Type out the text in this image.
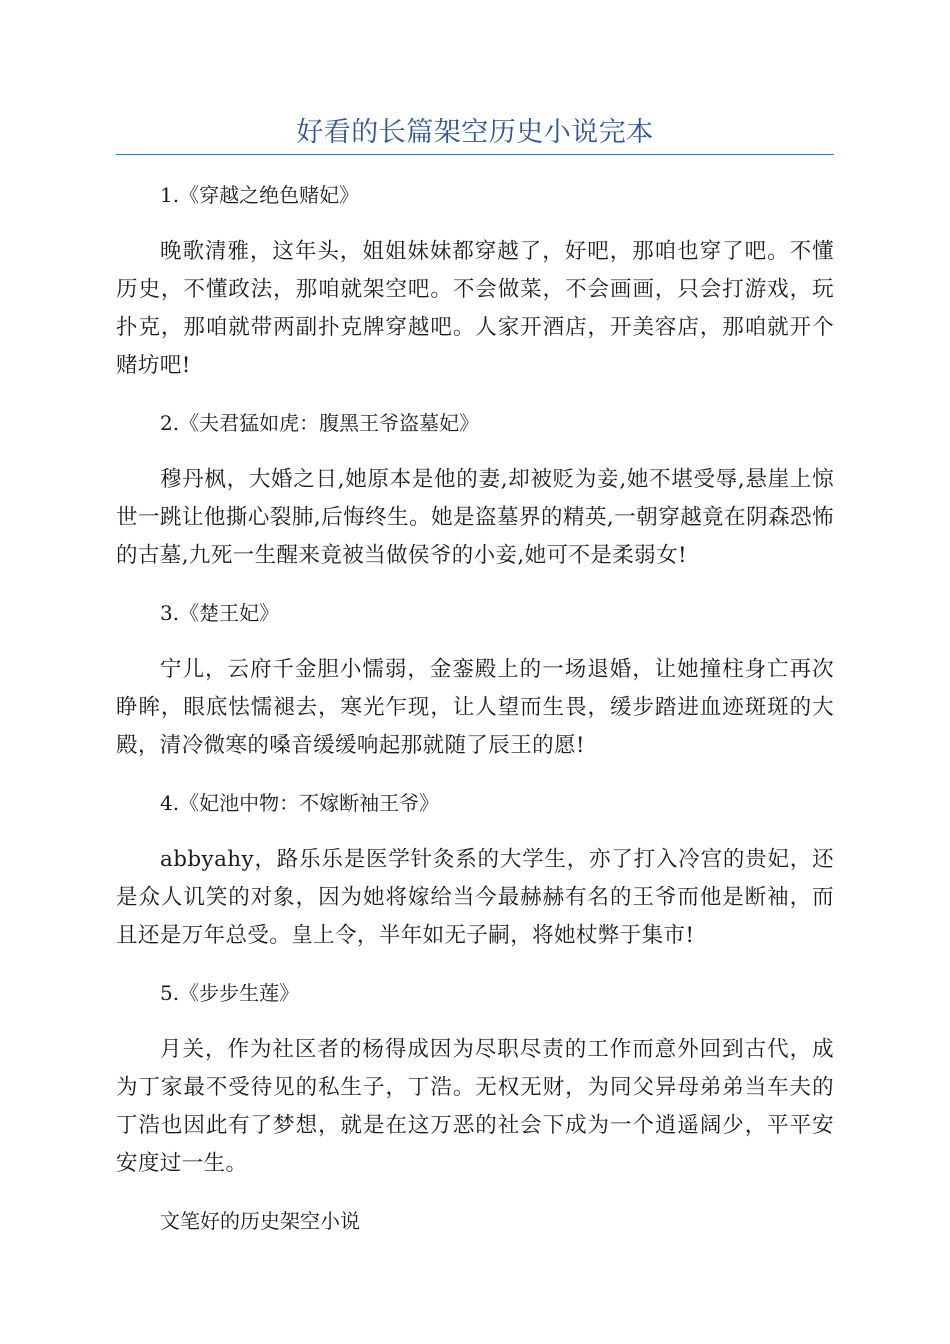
好看的长篇架空历史小说完本

1.《穿越之绝色赌妃》

晚歌清雅，这年头，姐姐妹妹都穿越了，好吧，那咱也穿了吧。不懂历史，不懂政法，那咱就架空吧。不会做菜，不会画画，只会打游戏，玩扑克，那咱就带两副扑克牌穿越吧。人家开酒店，开美容店，那咱就开个赌坊吧!

2.《夫君猛如虎：腹黑王爷盗墓妃》

穆丹枫，大婚之日,她原本是他的妻,却被贬为妾,她不堪受辱,悬崖上惊世一跳让他撕心裂肺,后悔终生。她是盗墓界的精英,一朝穿越竟在阴森恐怖的古墓,九死一生醒来竟被当做侯爷的小妾,她可不是柔弱女!

3.《楚王妃》

宁儿，云府千金胆小懦弱，金銮殿上的一场退婚，让她撞柱身亡再次睁眸，眼底怯懦褪去，寒光乍现，让人望而生畏，缓步踏进血迹斑斑的大殿，清冷微寒的嗓音缓缓响起那就随了辰王的愿!

4.《妃池中物：不嫁断袖王爷》

abbyahy，路乐乐是医学针灸系的大学生，亦了打入冷宫的贵妃，还是众人讥笑的对象，因为她将嫁给当今最赫赫有名的王爷而他是断袖，而且还是万年总受。皇上令，半年如无子嗣，将她杖弊于集市!

5.《步步生莲》

月关，作为社区者的杨得成因为尽职尽责的工作而意外回到古代，成为丁家最不受待见的私生子，丁浩。无权无财，为同父异母弟弟当车夫的丁浩也因此有了梦想，就是在这万恶的社会下成为一个逍遥阔少，平平安安度过一生。

文笔好的历史架空小说
